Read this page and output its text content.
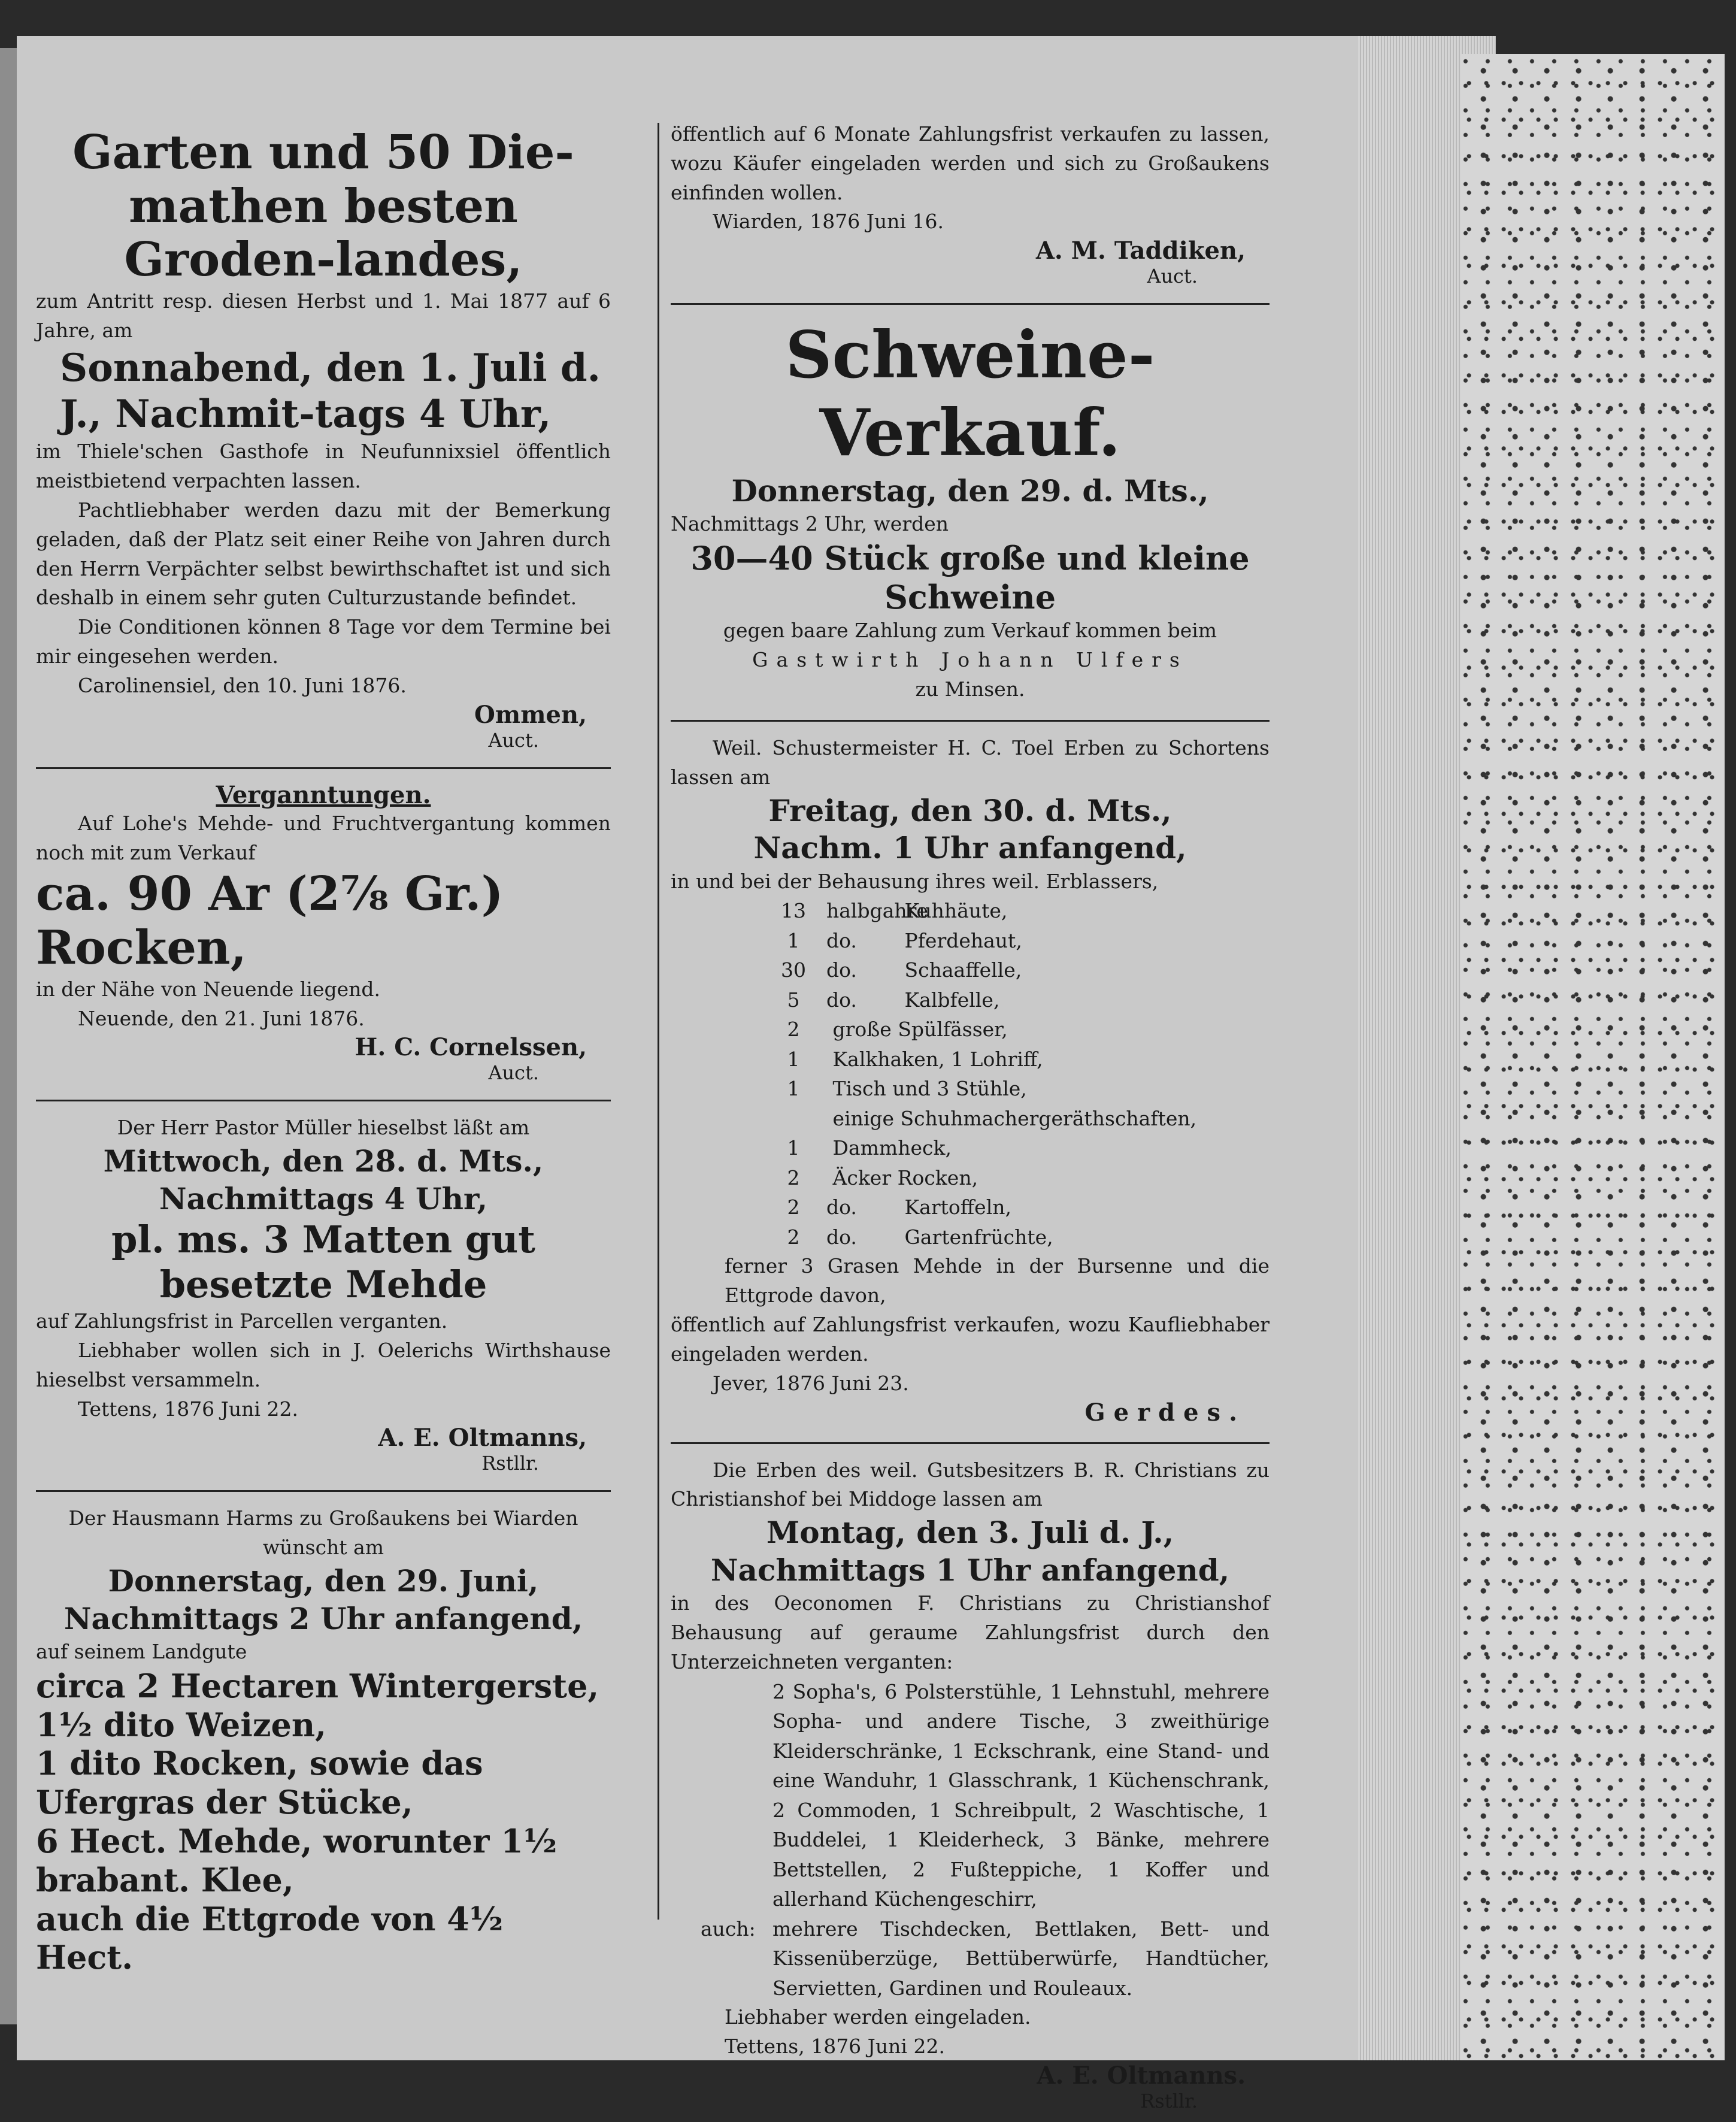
Garten und 50 Die-mathen besten Groden-landes,
zum Antritt resp. diesen Herbst und 1. Mai 1877 auf 6 Jahre, am
Sonnabend, den 1. Juli d. J., Nachmit-tags 4 Uhr,
im Thiele'schen Gasthofe in Neufunnixsiel öffentlich meistbietend verpachten lassen.
Pachtliebhaber werden dazu mit der Bemerkung geladen, daß der Platz seit einer Reihe von Jahren durch den Herrn Verpächter selbst bewirthschaftet ist und sich deshalb in einem sehr guten Culturzustande befindet.
Die Conditionen können 8 Tage vor dem Termine bei mir eingesehen werden.
Carolinensiel, den 10. Juni 1876.
Ommen,
Auct.
Verganntungen.
Auf Lohe's Mehde- und Fruchtvergantung kommen noch mit zum Verkauf
ca. 90 Ar (2⅞ Gr.) Rocken,
in der Nähe von Neuende liegend.
Neuende, den 21. Juni 1876.
H. C. Cornelssen,
Auct.
Der Herr Pastor Müller hieselbst läßt am
Mittwoch, den 28. d. Mts.,
Nachmittags 4 Uhr,
pl. ms. 3 Matten gut besetzte Mehde
auf Zahlungsfrist in Parcellen verganten.
Liebhaber wollen sich in J. Oelerichs Wirthshause hieselbst versammeln.
Tettens, 1876 Juni 22.
A. E. Oltmanns,
Rstllr.
Der Hausmann Harms zu Großaukens bei Wiarden wünscht am
Donnerstag, den 29. Juni,
Nachmittags 2 Uhr anfangend,
auf seinem Landgute
circa 2 Hectaren Wintergerste,
1½ dito Weizen,
1 dito Rocken, sowie das Ufergras der Stücke,
6 Hect. Mehde, worunter 1½ brabant. Klee,
auch die Ettgrode von 4½ Hect.
öffentlich auf 6 Monate Zahlungsfrist verkaufen zu lassen, wozu Käufer eingeladen werden und sich zu Großaukens einfinden wollen.
Wiarden, 1876 Juni 16.
A. M. Taddiken,
Auct.
Schweine-Verkauf.
Donnerstag, den 29. d. Mts.,
Nachmittags 2 Uhr, werden
30—40 Stück große und kleine Schweine
gegen baare Zahlung zum Verkauf kommen beim
Gastwirth Johann Ulfers
zu Minsen.
Weil. Schustermeister H. C. Toel Erben zu Schortens lassen am
Freitag, den 30. d. Mts.,
Nachm. 1 Uhr anfangend,
in und bei der Behausung ihres weil. Erblassers,
13 halbgahre Kuhhäute,
1 do. Pferdehaut,
30 do. Schaaffelle,
5 do. Kalbfelle,
2 große Spülfässer,
1 Kalkhaken, 1 Lohriff,
1 Tisch und 3 Stühle,
einige Schuhmachergeräthschaften,
1 Dammheck,
2 Äcker Rocken,
2 do. Kartoffeln,
2 do. Gartenfrüchte,
ferner 3 Grasen Mehde in der Bursenne und die Ettgrode davon,
öffentlich auf Zahlungsfrist verkaufen, wozu Kaufliebhaber eingeladen werden.
Jever, 1876 Juni 23.
Gerdes.
Die Erben des weil. Gutsbesitzers B. R. Christians zu Christianshof bei Middoge lassen am
Montag, den 3. Juli d. J.,
Nachmittags 1 Uhr anfangend,
in des Oeconomen F. Christians zu Christianshof Behausung auf geraume Zahlungsfrist durch den Unterzeichneten verganten:
2 Sopha's, 6 Polsterstühle, 1 Lehnstuhl, mehrere Sopha- und andere Tische, 3 zweithürige Kleiderschränke, 1 Eckschrank, eine Stand- und eine Wanduhr, 1 Glasschrank, 1 Küchenschrank, 2 Commoden, 1 Schreibpult, 2 Waschtische, 1 Buddelei, 1 Kleiderheck, 3 Bänke, mehrere Bettstellen, 2 Fußteppiche, 1 Koffer und allerhand Küchengeschirr,
auch: mehrere Tischdecken, Bettlaken, Bett- und Kissenüberzüge, Bettüberwürfe, Handtücher, Servietten, Gardinen und Rouleaux.
Liebhaber werden eingeladen.
Tettens, 1876 Juni 22.
A. E. Oltmanns.
Rstllr.
